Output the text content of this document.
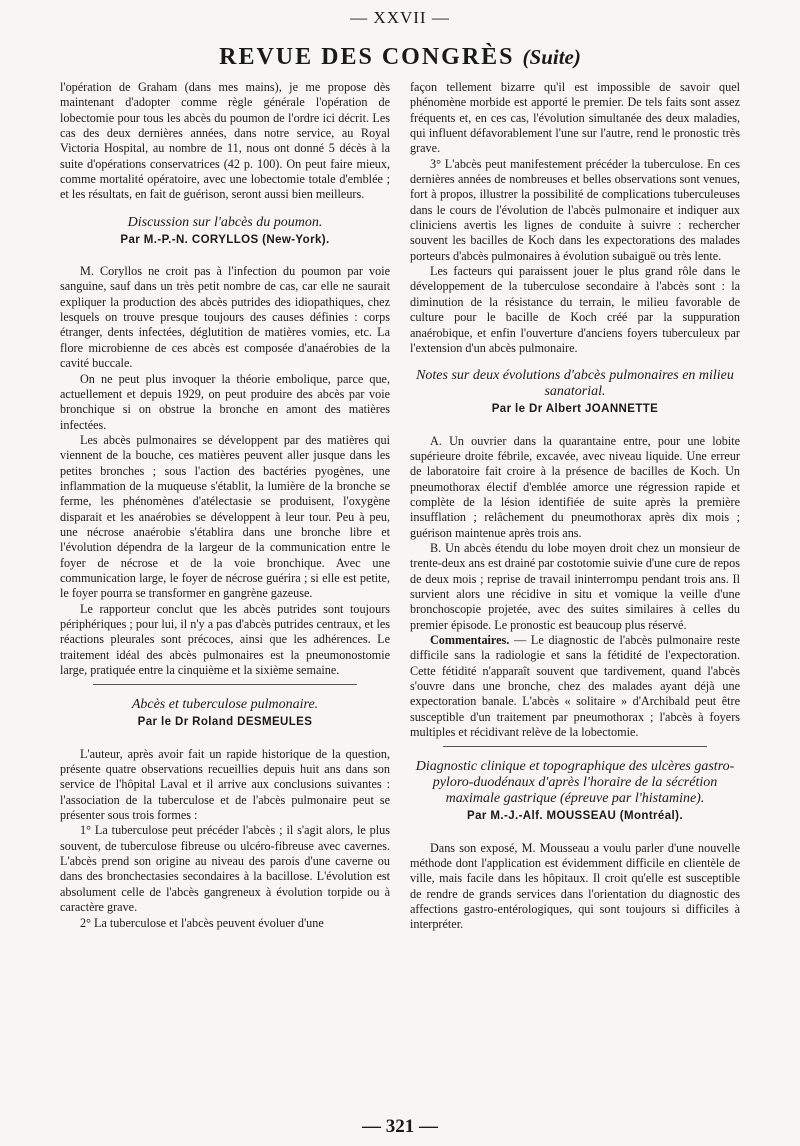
— XXVII —
REVUE DES CONGRÈS (Suite)

l'opération de Graham (dans mes mains), je me propose dès maintenant d'adopter comme règle générale l'opération de lobectomie pour tous les abcès du poumon de l'ordre ici décrit. Les cas des deux dernières années, dans notre service, au Royal Victoria Hospital, au nombre de 11, nous ont donné 5 décès à la suite d'opérations conservatrices (42 p. 100). On peut faire mieux, comme mortalité opératoire, avec une lobectomie totale d'emblée ; et les résultats, en fait de guérison, seront aussi bien meilleurs.

Discussion sur l'abcès du poumon.
Par M.-P.-N. CORYLLOS (New-York).

M. Coryllos ne croit pas à l'infection du poumon par voie sanguine, sauf dans un très petit nombre de cas, car elle ne saurait expliquer la production des abcès putrides des idiopathiques, chez lesquels on trouve presque toujours des causes définies : corps étranger, dents infectées, déglutition de matières vomies, etc. La flore microbienne de ces abcès est composée d'anaérobies de la cavité buccale.

On ne peut plus invoquer la théorie embolique, parce que, actuellement et depuis 1929, on peut produire des abcès par voie bronchique si on obstrue la bronche en amont des matières infectées.

Les abcès pulmonaires se développent par des matières qui viennent de la bouche, ces matières peuvent aller jusque dans les petites bronches ; sous l'action des bactéries pyogènes, une inflammation de la muqueuse s'établit, la lumière de la bronche se ferme, les phénomènes d'atélectasie se produisent, l'oxygène disparait et les anaérobies se développent à leur tour. Peu à peu, une nécrose anaérobie s'établira dans une bronche libre et l'évolution dépendra de la largeur de la communication entre le foyer de nécrose et de la voie bronchique. Avec une communication large, le foyer de nécrose guérira ; si elle est petite, le foyer pourra se transformer en gangrène gazeuse.

Le rapporteur conclut que les abcès putrides sont toujours périphériques ; pour lui, il n'y a pas d'abcès putrides centraux, et les réactions pleurales sont précoces, ainsi que les adhérences. Le traitement idéal des abcès pulmonaires est la pneumonostomie large, pratiquée entre la cinquième et la sixième semaine.

Abcès et tuberculose pulmonaire.
Par le Dr Roland DESMEULES

L'auteur, après avoir fait un rapide historique de la question, présente quatre observations recueillies depuis huit ans dans son service de l'hôpital Laval et il arrive aux conclusions suivantes : l'association de la tuberculose et de l'abcès pulmonaire peut se présenter sous trois formes :

1° La tuberculose peut précéder l'abcès ; il s'agit alors, le plus souvent, de tuberculose fibreuse ou ulcéro-fibreuse avec cavernes. L'abcès prend son origine au niveau des parois d'une caverne ou dans des bronchectasies secondaires à la bacillose. L'évolution est absolument celle de l'abcès gangreneux à évolution torpide ou à caractère grave.

2° La tuberculose et l'abcès peuvent évoluer d'une

façon tellement bizarre qu'il est impossible de savoir quel phénomène morbide est apporté le premier. De tels faits sont assez fréquents et, en ces cas, l'évolution simultanée des deux maladies, qui influent défavorablement l'une sur l'autre, rend le pronostic très grave.

3° L'abcès peut manifestement précéder la tuberculose. En ces dernières années de nombreuses et belles observations sont venues, fort à propos, illustrer la possibilité de complications tuberculeuses dans le cours de l'évolution de l'abcès pulmonaire et indiquer aux cliniciens avertis les lignes de conduite à suivre : rechercher souvent les bacilles de Koch dans les expectorations des malades porteurs d'abcès pulmonaires à évolution subaiguë ou très lente.

Les facteurs qui paraissent jouer le plus grand rôle dans le développement de la tuberculose secondaire à l'abcès sont : la diminution de la résistance du terrain, le milieu favorable de culture pour le bacille de Koch créé par la suppuration anaérobique, et enfin l'ouverture d'anciens foyers tuberculeux par l'extension d'un abcès pulmonaire.

Notes sur deux évolutions d'abcès pulmonaires en milieu sanatorial.
Par le Dr Albert JOANNETTE

A. Un ouvrier dans la quarantaine entre, pour une lobite supérieure droite fébrile, excavée, avec niveau liquide. Une erreur de laboratoire fait croire à la présence de bacilles de Koch. Un pneumothorax électif d'emblée amorce une régression rapide et complète de la lésion identifiée de suite après la première insufflation ; relâchement du pneumothorax après dix mois ; guérison maintenue après trois ans.

B. Un abcès étendu du lobe moyen droit chez un monsieur de trente-deux ans est drainé par costotomie suivie d'une cure de repos de deux mois ; reprise de travail ininterrompu pendant trois ans. Il survient alors une récidive in situ et vomique la veille d'une bronchoscopie projetée, avec des suites similaires à celles du premier épisode. Le pronostic est beaucoup plus réservé.

Commentaires. — Le diagnostic de l'abcès pulmonaire reste difficile sans la radiologie et sans la fétidité de l'expectoration. Cette fétidité n'apparaît souvent que tardivement, quand l'abcès s'ouvre dans une bronche, chez des malades ayant déjà une expectoration banale. L'abcès « solitaire » d'Archibald peut être susceptible d'un traitement par pneumothorax ; l'abcès à foyers multiples et récidivant relève de la lobectomie.

Diagnostic clinique et topographique des ulcères gastro-pyloro-duodénaux d'après l'horaire de la sécrétion maximale gastrique (épreuve par l'histamine).
Par M.-J.-Alf. MOUSSEAU (Montréal).

Dans son exposé, M. Mousseau a voulu parler d'une nouvelle méthode dont l'application est évidemment difficile en clientèle de ville, mais facile dans les hôpitaux. Il croit qu'elle est susceptible de rendre de grands services dans l'orientation du diagnostic des affections gastro-entérologiques, qui sont toujours si difficiles à interpréter.

— 321 —
